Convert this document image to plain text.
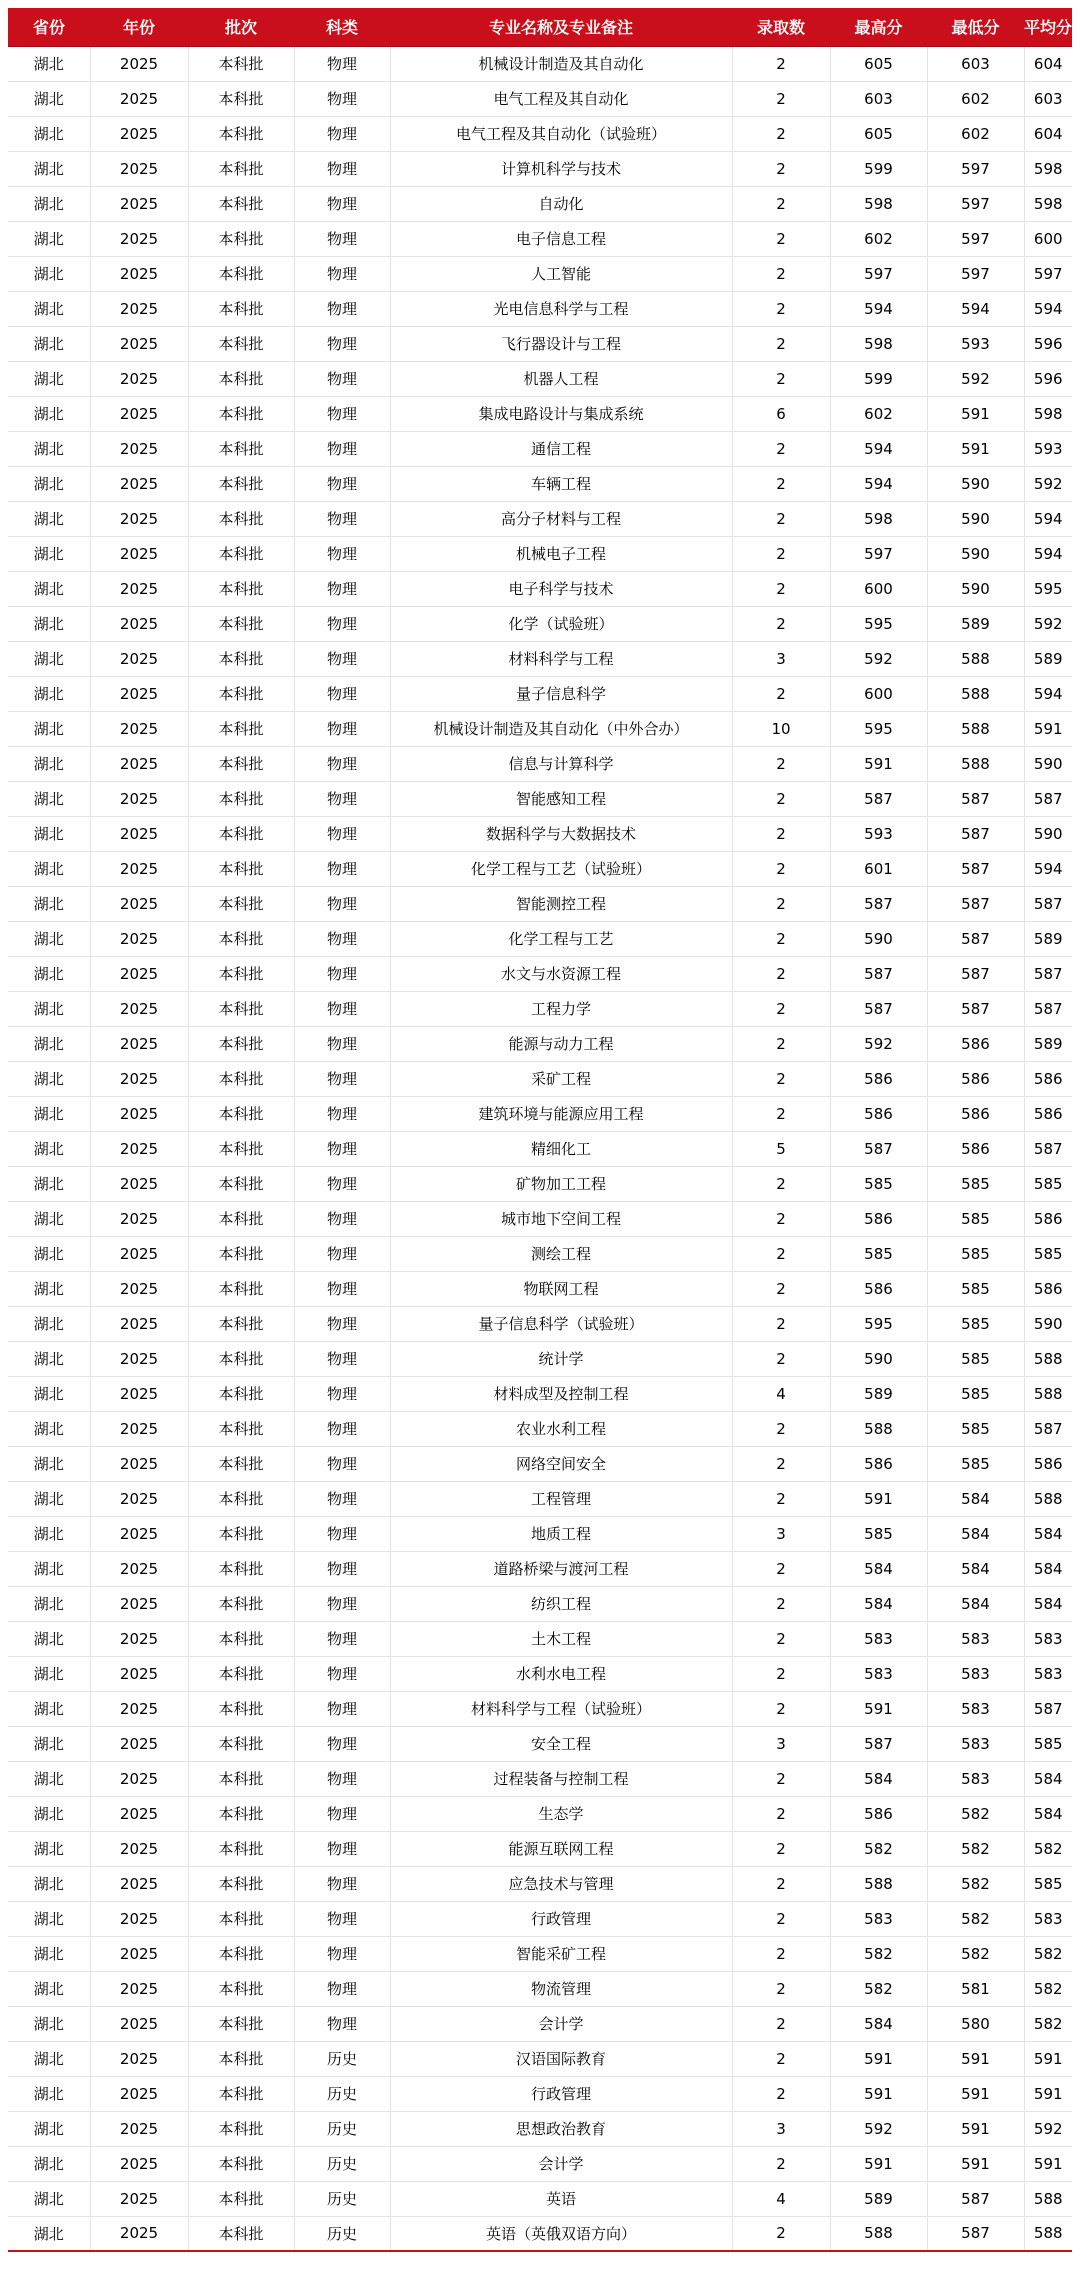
省份	年份	批次	科类	专业名称及专业备注	录取数	最高分	最低分	平均分
湖北	2025	本科批	物理	机械设计制造及其自动化	2	605	603	604
湖北	2025	本科批	物理	电气工程及其自动化	2	603	602	603
湖北	2025	本科批	物理	电气工程及其自动化（试验班）	2	605	602	604
湖北	2025	本科批	物理	计算机科学与技术	2	599	597	598
湖北	2025	本科批	物理	自动化	2	598	597	598
湖北	2025	本科批	物理	电子信息工程	2	602	597	600
湖北	2025	本科批	物理	人工智能	2	597	597	597
湖北	2025	本科批	物理	光电信息科学与工程	2	594	594	594
湖北	2025	本科批	物理	飞行器设计与工程	2	598	593	596
湖北	2025	本科批	物理	机器人工程	2	599	592	596
湖北	2025	本科批	物理	集成电路设计与集成系统	6	602	591	598
湖北	2025	本科批	物理	通信工程	2	594	591	593
湖北	2025	本科批	物理	车辆工程	2	594	590	592
湖北	2025	本科批	物理	高分子材料与工程	2	598	590	594
湖北	2025	本科批	物理	机械电子工程	2	597	590	594
湖北	2025	本科批	物理	电子科学与技术	2	600	590	595
湖北	2025	本科批	物理	化学（试验班）	2	595	589	592
湖北	2025	本科批	物理	材料科学与工程	3	592	588	589
湖北	2025	本科批	物理	量子信息科学	2	600	588	594
湖北	2025	本科批	物理	机械设计制造及其自动化（中外合办）	10	595	588	591
湖北	2025	本科批	物理	信息与计算科学	2	591	588	590
湖北	2025	本科批	物理	智能感知工程	2	587	587	587
湖北	2025	本科批	物理	数据科学与大数据技术	2	593	587	590
湖北	2025	本科批	物理	化学工程与工艺（试验班）	2	601	587	594
湖北	2025	本科批	物理	智能测控工程	2	587	587	587
湖北	2025	本科批	物理	化学工程与工艺	2	590	587	589
湖北	2025	本科批	物理	水文与水资源工程	2	587	587	587
湖北	2025	本科批	物理	工程力学	2	587	587	587
湖北	2025	本科批	物理	能源与动力工程	2	592	586	589
湖北	2025	本科批	物理	采矿工程	2	586	586	586
湖北	2025	本科批	物理	建筑环境与能源应用工程	2	586	586	586
湖北	2025	本科批	物理	精细化工	5	587	586	587
湖北	2025	本科批	物理	矿物加工工程	2	585	585	585
湖北	2025	本科批	物理	城市地下空间工程	2	586	585	586
湖北	2025	本科批	物理	测绘工程	2	585	585	585
湖北	2025	本科批	物理	物联网工程	2	586	585	586
湖北	2025	本科批	物理	量子信息科学（试验班）	2	595	585	590
湖北	2025	本科批	物理	统计学	2	590	585	588
湖北	2025	本科批	物理	材料成型及控制工程	4	589	585	588
湖北	2025	本科批	物理	农业水利工程	2	588	585	587
湖北	2025	本科批	物理	网络空间安全	2	586	585	586
湖北	2025	本科批	物理	工程管理	2	591	584	588
湖北	2025	本科批	物理	地质工程	3	585	584	584
湖北	2025	本科批	物理	道路桥梁与渡河工程	2	584	584	584
湖北	2025	本科批	物理	纺织工程	2	584	584	584
湖北	2025	本科批	物理	土木工程	2	583	583	583
湖北	2025	本科批	物理	水利水电工程	2	583	583	583
湖北	2025	本科批	物理	材料科学与工程（试验班）	2	591	583	587
湖北	2025	本科批	物理	安全工程	3	587	583	585
湖北	2025	本科批	物理	过程装备与控制工程	2	584	583	584
湖北	2025	本科批	物理	生态学	2	586	582	584
湖北	2025	本科批	物理	能源互联网工程	2	582	582	582
湖北	2025	本科批	物理	应急技术与管理	2	588	582	585
湖北	2025	本科批	物理	行政管理	2	583	582	583
湖北	2025	本科批	物理	智能采矿工程	2	582	582	582
湖北	2025	本科批	物理	物流管理	2	582	581	582
湖北	2025	本科批	物理	会计学	2	584	580	582
湖北	2025	本科批	历史	汉语国际教育	2	591	591	591
湖北	2025	本科批	历史	行政管理	2	591	591	591
湖北	2025	本科批	历史	思想政治教育	3	592	591	592
湖北	2025	本科批	历史	会计学	2	591	591	591
湖北	2025	本科批	历史	英语	4	589	587	588
湖北	2025	本科批	历史	英语（英俄双语方向）	2	588	587	588
